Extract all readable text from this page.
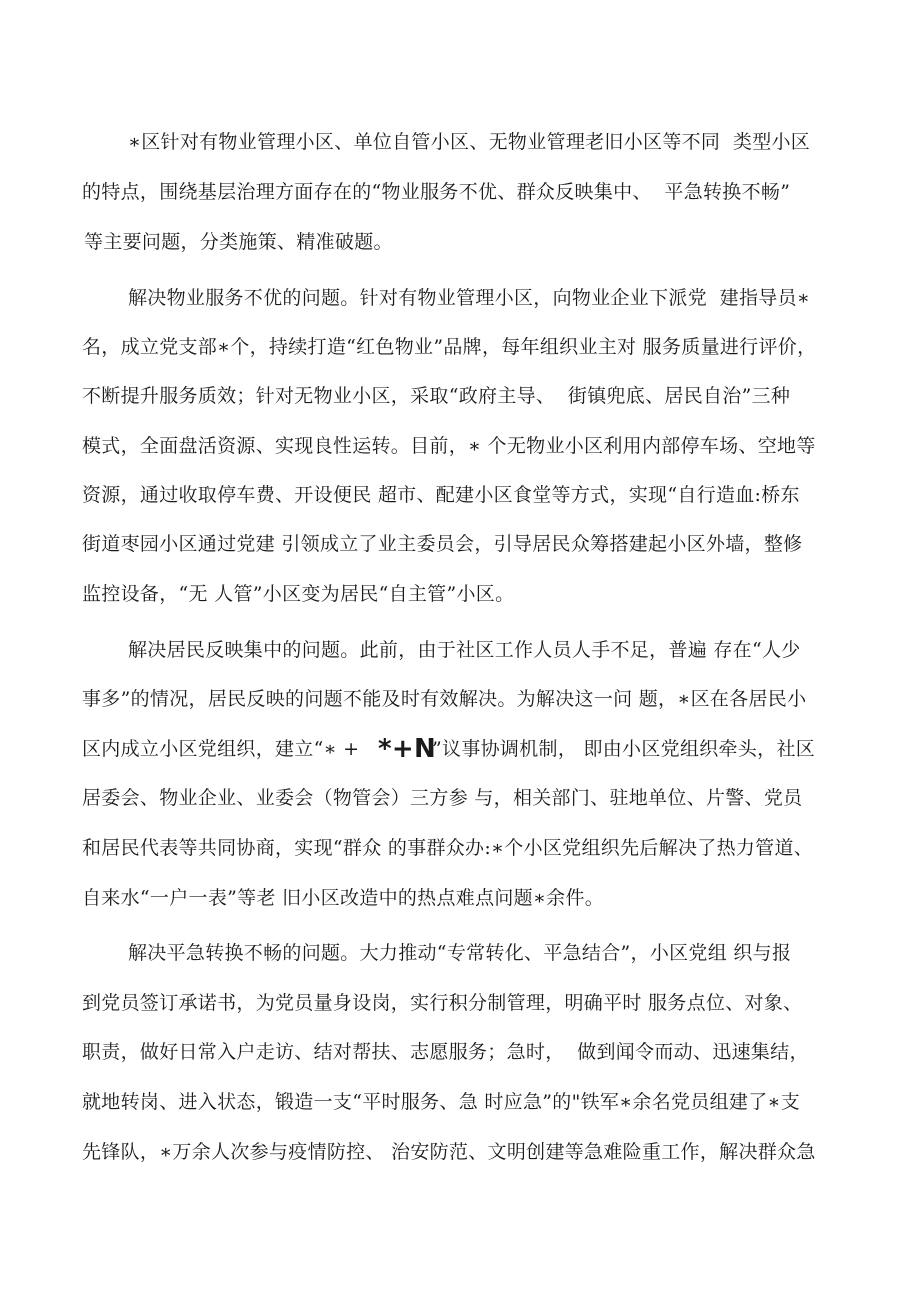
∗区针对有物业管理小区、单位自管小区、无物业管理老旧小区等不同  类型小区

的特点，围绕基层治理方面存在的“物业服务不优、群众反映集中、  平急转换不畅”

等主要问题，分类施策、精准破题。

解决物业服务不优的问题。针对有物业管理小区，向物业企业下派党  建指导员∗

名，成立党支部∗个，持续打造“红色物业”品牌，每年组织业主对 服务质量进行评价，

不断提升服务质效；针对无物业小区，采取“政府主导、  街镇兜底、居民自治”三种

模式，全面盘活资源、实现良性运转。目前，∗ 个无物业小区利用内部停车场、空地等

资源，通过收取停车费、开设便民 超市、配建小区食堂等方式，实现“自行造血:桥东

街道枣园小区通过党建 引领成立了业主委员会，引导居民众筹搭建起小区外墙，整修

监控设备，“无 人管”小区变为居民“自主管”小区。

解决居民反映集中的问题。此前，由于社区工作人员人手不足，普遍 存在“人少

事多”的情况，居民反映的问题不能及时有效解决。为解决这一问 题，∗区在各居民小

区内成立小区党组织，建立“∗ +

*+N

”议事协调机制， 即由小区党组织牵头，社区

居委会、物业企业、业委会（物管会）三方参 与，相关部门、驻地单位、片警、党员

和居民代表等共同协商，实现“群众 的事群众办:∗个小区党组织先后解决了热力管道、

自来水“一户一表”等老 旧小区改造中的热点难点问题∗余件。

解决平急转换不畅的问题。大力推动“专常转化、平急结合”，小区党组 织与报

到党员签订承诺书，为党员量身设岗，实行积分制管理，明确平时 服务点位、对象、

职责，做好日常入户走访、结对帮扶、志愿服务；急时，  做到闻令而动、迅速集结，

就地转岗、进入状态，锻造一支“平时服务、急 时应急”的"铁军∗余名党员组建了∗支

先锋队，∗万余人次参与疫情防控、 治安防范、文明创建等急难险重工作，解决群众急
